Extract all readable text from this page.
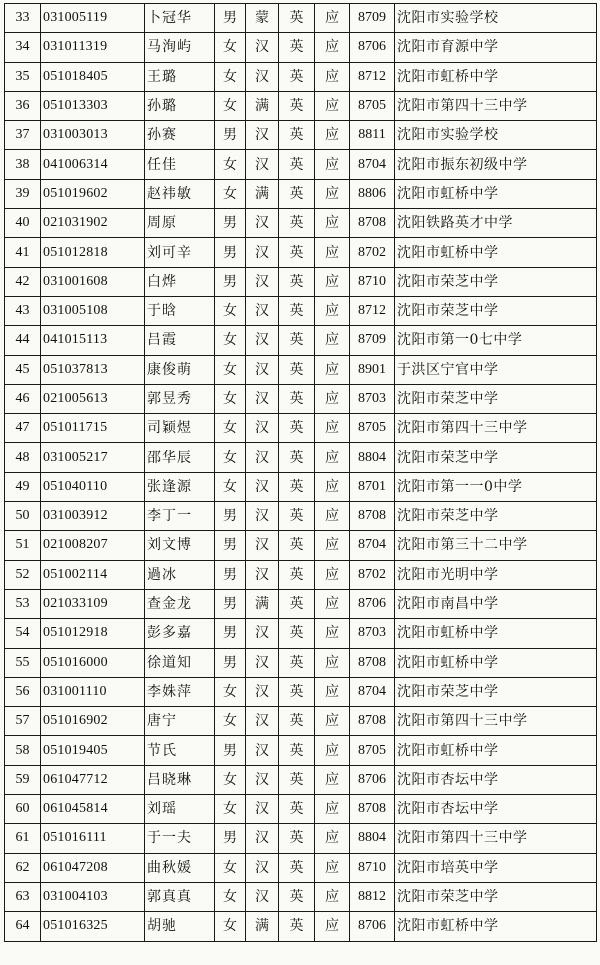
33	031005119	卜冠华	男	蒙	英	应	8709	沈阳市实验学校
34	031011319	马洵屿	女	汉	英	应	8706	沈阳市育源中学
35	051018405	王璐	女	汉	英	应	8712	沈阳市虹桥中学
36	051013303	孙璐	女	满	英	应	8705	沈阳市第四十三中学
37	031003013	孙赛	男	汉	英	应	8811	沈阳市实验学校
38	041006314	任佳	女	汉	英	应	8704	沈阳市振东初级中学
39	051019602	赵祎敏	女	满	英	应	8806	沈阳市虹桥中学
40	021031902	周原	男	汉	英	应	8708	沈阳铁路英才中学
41	051012818	刘可辛	男	汉	英	应	8702	沈阳市虹桥中学
42	031001608	白烨	男	汉	英	应	8710	沈阳市荣芝中学
43	031005108	于晗	女	汉	英	应	8712	沈阳市荣芝中学
44	041015113	吕霞	女	汉	英	应	8709	沈阳市第一0七中学
45	051037813	康俊萌	女	汉	英	应	8901	于洪区宁官中学
46	021005613	郭昱秀	女	汉	英	应	8703	沈阳市荣芝中学
47	051011715	司颖煜	女	汉	英	应	8705	沈阳市第四十三中学
48	031005217	邵华辰	女	汉	英	应	8804	沈阳市荣芝中学
49	051040110	张逢源	女	汉	英	应	8701	沈阳市第一一0中学
50	031003912	李丁一	男	汉	英	应	8708	沈阳市荣芝中学
51	021008207	刘文博	男	汉	英	应	8704	沈阳市第三十二中学
52	051002114	過冰	男	汉	英	应	8702	沈阳市光明中学
53	021033109	查金龙	男	满	英	应	8706	沈阳市南昌中学
54	051012918	彭多嘉	男	汉	英	应	8703	沈阳市虹桥中学
55	051016000	徐道知	男	汉	英	应	8708	沈阳市虹桥中学
56	031001110	李姝萍	女	汉	英	应	8704	沈阳市荣芝中学
57	051016902	唐宁	女	汉	英	应	8708	沈阳市第四十三中学
58	051019405	节氏	男	汉	英	应	8705	沈阳市虹桥中学
59	061047712	吕晓琳	女	汉	英	应	8706	沈阳市杏坛中学
60	061045814	刘瑶	女	汉	英	应	8708	沈阳市杏坛中学
61	051016111	于一夫	男	汉	英	应	8804	沈阳市第四十三中学
62	061047208	曲秋媛	女	汉	英	应	8710	沈阳市培英中学
63	031004103	郭真真	女	汉	英	应	8812	沈阳市荣芝中学
64	051016325	胡驰	女	满	英	应	8706	沈阳市虹桥中学
